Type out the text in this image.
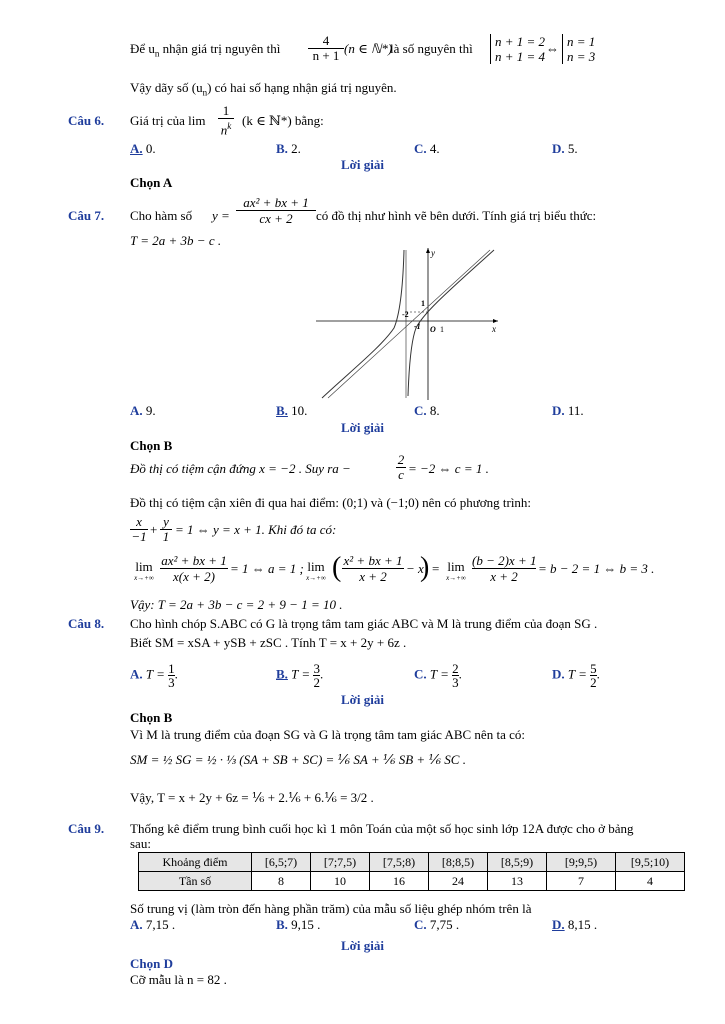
Để $u_n$ nhận giá trị nguyên thì $\frac{4}{n + 1} (n$ ∈ ℕ*)
là số nguyên thì n + 1 = 2
n + 1 = 4
⇔ n = 1
n = 3
Vậy dãy số $(u_n)$ có hai số hạng nhận giá trị nguyên.
Câu 6. Giá trị của $\lim \frac{1}{n^k} (k$ ∈ ℕ*) bằng:
A. 0.	B. 2.	C. 4.	D. 5.
Lời giải
Chọn A
Câu 7. Cho hàm số $y = \frac{\text{ax² + bx + 1}}{cx + 2}$ có đồ thị như hình vẽ bên dưới. Tính giá trị biểu thức:
T = 2a + 3b − c .
y
x
O 1
1
-2
-1
A. 9.	B. 10.	C. 8.	D. 11.
Lời giải
Chọn B
Đồ thị có tiệm cận đứng x = −2 . Suy ra −	$\frac{2}{c} = -2$ ⇔ c = 1 .
Đồ thị có tiệm cận xiên đi qua hai điểm: (0;1) và (−1;0) nên có phương trình:
$\frac{x}{-1} + \frac{y}{1} = 1$ ⇔ y = x + 1. Khi đó ta có:
lim
$x\to+\infty \frac{\text{ax² + bx + 1}}{x(x + 2)} = 1$ ⇔ a = 1 ; lim
x→+∞ ( $\frac{\text{x² + bx + 1}}{x + 2} - x$
) = lim
$x\to+\infty \frac{(b - 2)x + 1}{x + 2} = b - 2 = 1$ ⇔ b = 3 .
Vậy: T = 2a + 3b − c = 2 + 9 − 1 = 10 .
Câu 8. Cho hình chóp S.ABC có G là trọng tâm tam giác ABC và M là trung điểm của đoạn SG .
Biết SM = xSA + ySB + zSC . Tính T = x + 2y + 6z .
A. $T = \frac{1}{3}$ .	B. $T = \frac{3}{2}$ .	C. $T = \frac{2}{3}$ .	D. $T = \frac{5}{2}$ .
Lời giải
Chọn B
Vì M là trung điểm của đoạn SG và G là trọng tâm tam giác ABC nên ta có:
SM = ½ SG = ½ · ⅓ (SA + SB + SC) = ⅙ SA + ⅙ SB + ⅙ SC .
Vậy, T = x + 2y + 6z = ⅙ + 2.⅙ + 6.⅙ = 3/2 .
Câu 9. Thống kê điểm trung bình cuối học kì 1 môn Toán của một số học sinh lớp 12A được cho ở bảng
sau:
Khoảng điểm	[6,5;7)	[7;7,5)	[7,5;8)	[8;8,5)	[8,5;9)	[9;9,5)	[9,5;10)
Tần số	8	10	16	24	13	7	4
Số trung vị (làm tròn đến hàng phần trăm) của mẫu số liệu ghép nhóm trên là
A. 7,15 .	B. 9,15 .	C. 7,75 .	D. 8,15 .
Lời giải
Chọn D
Cỡ mẫu là n = 82 .
